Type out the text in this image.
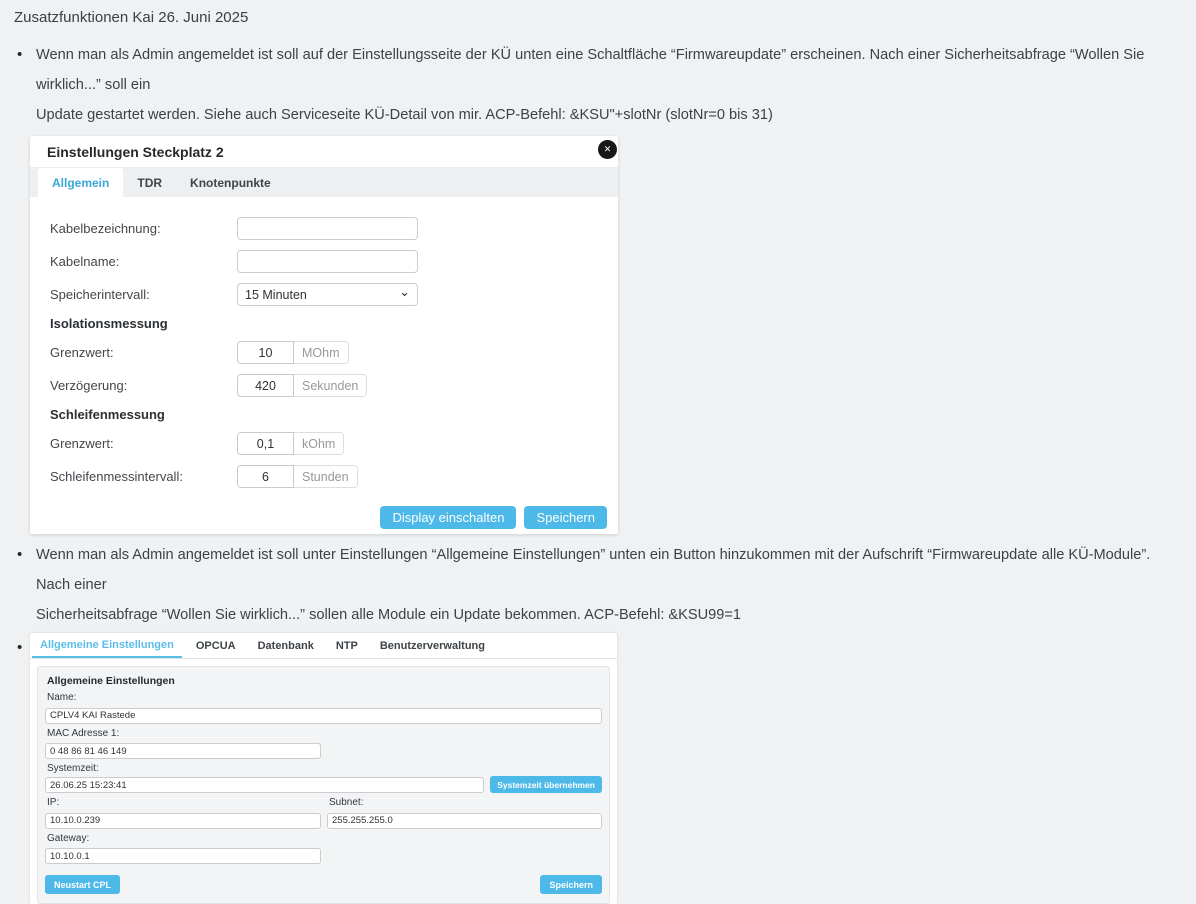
Zusatzfunktionen Kai 26. Juni 2025
• Wenn man als Admin angemeldet ist soll auf der Einstellungsseite der KÜ unten eine Schaltfläche “Firmwareupdate” erscheinen. Nach einer Sicherheitsabfrage “Wollen Sie wirklich...” soll ein
Update gestartet werden. Siehe auch Serviceseite KÜ-Detail von mir. ACP-Befehl: &KSU"+slotNr (slotNr=0 bis 31)
Einstellungen Steckplatz 2	✕
Allgemein	TDR	Knotenpunkte
Kabelbezeichnung:
Kabelname:
Speicherintervall:	15 Minuten	⌄
Isolationsmessung
Grenzwert:
10	MOhm
Verzögerung:
420	Sekunden
Schleifenmessung
Grenzwert:
0,1	kOhm
Schleifenmessintervall:
6	Stunden
Display einschalten	Speichern
• Wenn man als Admin angemeldet ist soll unter Einstellungen “Allgemeine Einstellungen” unten ein Button hinzukommen mit der Aufschrift “Firmwareupdate alle KÜ-Module”. Nach einer
Sicherheitsabfrage “Wollen Sie wirklich...” sollen alle Module ein Update bekommen. ACP-Befehl: &KSU99=1
•	Allgemeine Einstellungen	OPCUA	Datenbank	NTP	Benutzerverwaltung
Allgemeine Einstellungen
Name:
CPLV4 KAI Rastede
MAC Adresse 1:
0 48 86 81 46 149
Systemzeit:
26.06.25 15:23:41
Systemzeit übernehmen
IP:
10.10.0.239	Subnet:
255.255.255.0
Gateway:
10.10.0.1
Neustart CPL	Speichern
